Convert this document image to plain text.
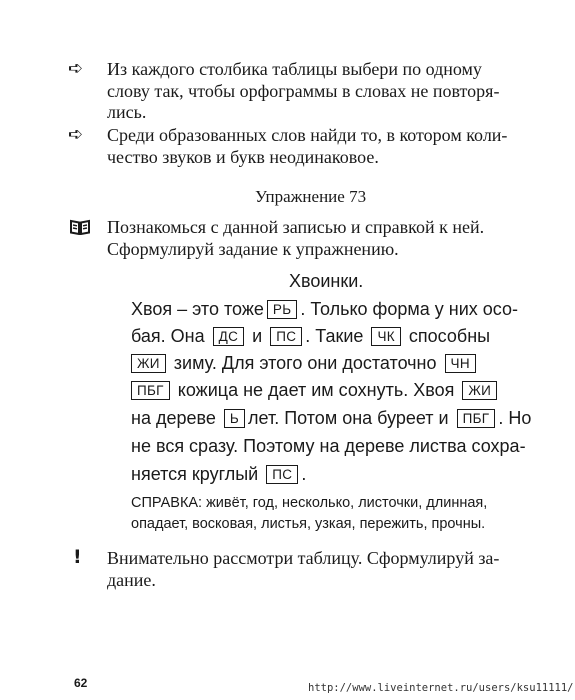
➪ Из каждого столбика таблицы выбери по одному
слову так, чтобы орфограммы в словах не повторя-
лись.
➪ Среди образованных слов найди то, в котором коли-
чество звуков и букв неодинаковое.
Упражнение 73
Познакомься с данной записью и справкой к ней.
Сформулируй задание к упражнению.
Хвоинки.
Хвоя – это тоже РЬ . Только форма у них осо-
бая. Она ДС и ПС . Такие ЧК способны
ЖИ зиму. Для этого они достаточно ЧН
ПБГ кожица не дает им сохнуть. Хвоя ЖИ
на дереве Ь лет. Потом она буреет и ПБГ . Но
не вся сразу. Поэтому на дереве листва сохра-
няется круглый ПС .
СПРАВКА: живёт, год, несколько, листочки, длинная,
опадает, восковая, листья, узкая, пережить, прочны.
! Внимательно рассмотри таблицу. Сформулируй за-
дание.
62	http://www.liveinternet.ru/users/ksu11111/
